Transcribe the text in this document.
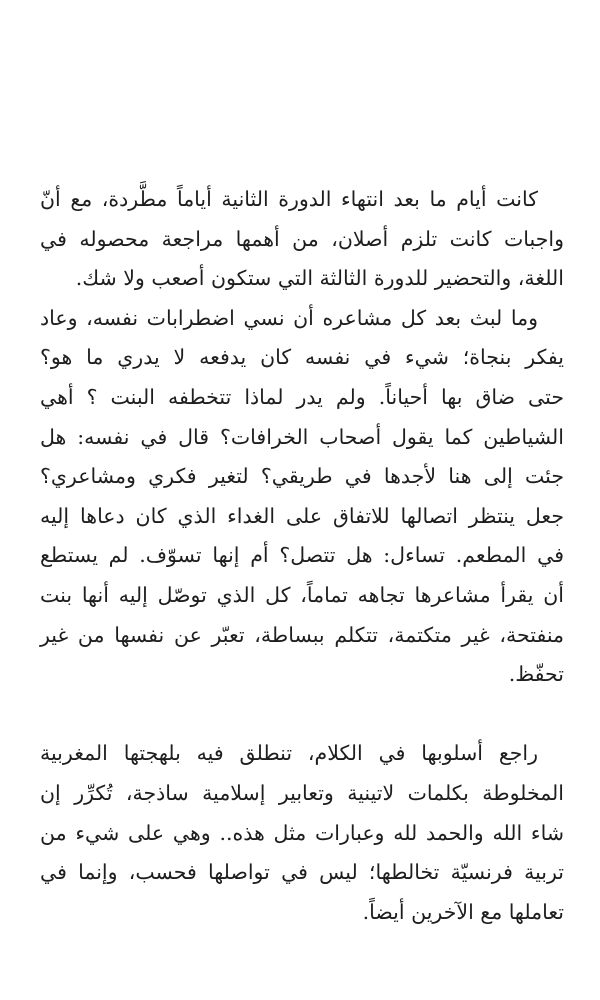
كانت أيام ما بعد انتهاء الدورة الثانية أياماً مطَّردة، مع أنّ
واجبات كانت تلزم أصلان، من أهمها مراجعة محصوله في
اللغة، والتحضير للدورة الثالثة التي ستكون أصعب ولا شك.
وما لبث بعد كل مشاعره أن نسي اضطرابات نفسه، وعاد
يفكر بنجاة؛ شيء في نفسه كان يدفعه لا يدري ما هو؟
حتى ضاق بها أحياناً. ولم يدر لماذا تتخطفه البنت ؟ أهي
الشياطين كما يقول أصحاب الخرافات؟ قال في نفسه: هل
جئت إلى هنا لأجدها في طريقي؟ لتغير فكري ومشاعري؟
جعل ينتظر اتصالها للاتفاق على الغداء الذي كان دعاها إليه
في المطعم. تساءل: هل تتصل؟ أم إنها تسوّف. لم يستطع
أن يقرأ مشاعرها تجاهه تماماً، كل الذي توصّل إليه أنها بنت
منفتحة، غير متكتمة، تتكلم ببساطة، تعبّر عن نفسها من غير
تحفّظ.
راجع أسلوبها في الكلام، تنطلق فيه بلهجتها المغربية
المخلوطة بكلمات لاتينية وتعابير إسلامية ساذجة، تُكرِّر إن
شاء الله والحمد لله وعبارات مثل هذه.. وهي على شيء من
تربية فرنسيّة تخالطها؛ ليس في تواصلها فحسب، وإنما في
تعاملها مع الآخرين أيضاً.
